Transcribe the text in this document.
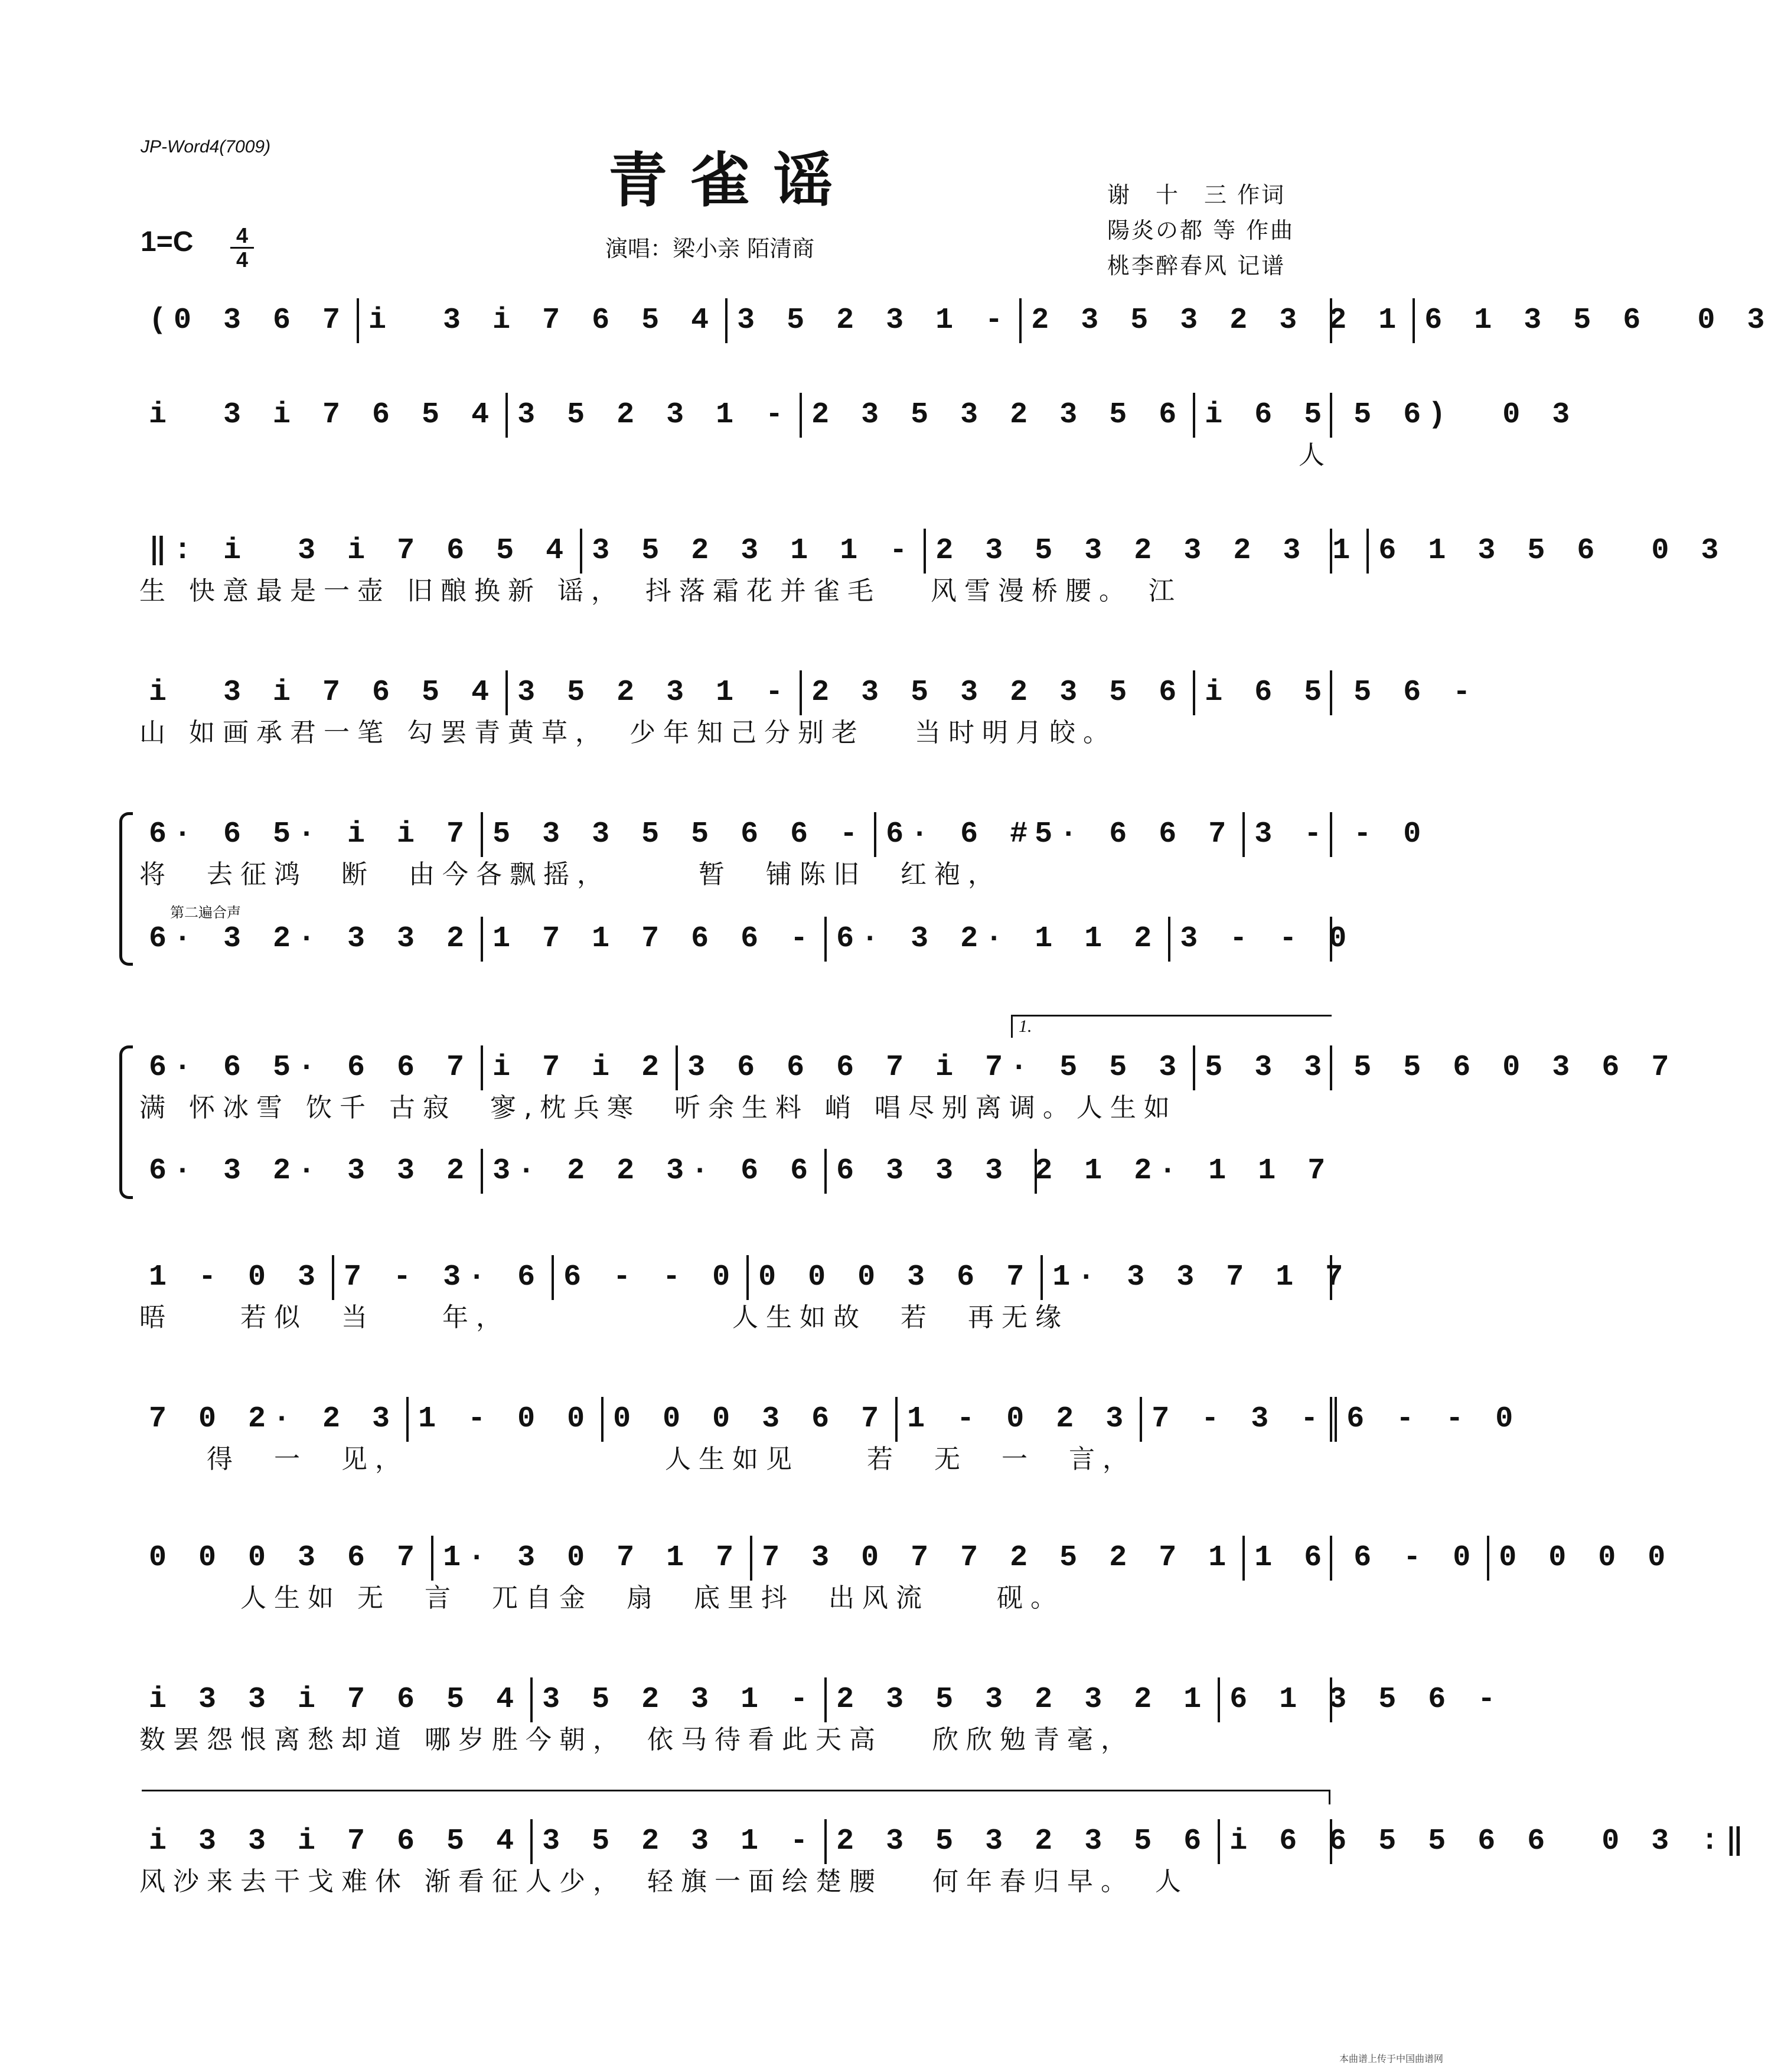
JP-Word4(7009)	青雀谣
1=C 4
4	演唱：梁小亲 陌清商
谢　十　三 作词
陽炎の都 等 作曲
桃李醉春风 记谱
(0 3 6 7 i  3 i 7 6 5 4 3 5 2 3 1 - 2 3 5 3 2 3 2 1 6 1 3 5 6  0 3
i  3 i 7 6 5 4 3 5 2 3 1 - 2 3 5 3 2 3 5 6 i 6 5 5 6)  0 3
人
‖: i  3 i 7 6 5 4 3 5 2 3 1 1 - 2 3 5 3 2 3 2 3 1 6 1 3 5 6  0 3
生 快意最是一壶 旧酿换新 谣，　抖落霜花并雀毛　 风雪漫桥腰。 江
i  3 i 7 6 5 4 3 5 2 3 1 - 2 3 5 3 2 3 5 6 i 6 5 5 6 -
山 如画承君一笔 勾罢青黄草，　少年知己分别老　 当时明月皎。
6· 6 5· i i 7 5 3 3 5 5 6 6 - 6· 6 #5· 6 6 7 3 - - 0
将　去征鸿　断　由今各飘摇，　　　暂　铺陈旧　红袍，
第二遍合声
6· 3 2· 3 3 2 1 7 1 7 6 6 - 6· 3 2· 1 1 2 3 - - 0
1.
6· 6 5· 6 6 7 i 7 i 2 3 6 6 6 7 i 7· 5 5 3 5 3 3 5 5 6 0 3 6 7
满 怀冰雪 饮千 古寂　寥,枕兵寒　听余生料 峭 唱尽别离调。人生如
6· 3 2· 3 3 2 3· 2 2 3· 6 6 6 3 3 3 2 1 2· 1 1 7
1 - 0 3 7 - 3· 6 6 - - 0 0 0 0 3 6 7 1· 3 3 7 1 7
晤　　若似　当　　年，　　　　　　　人生如故　若　再无缘
7 0 2· 2 3 1 - 0 0 0 0 0 3 6 7 1 - 0 2 3 7 - 3 - 6 - - 0
　　得　一　见，　　　　　　　　人生如见　　若　无　一　言，
0 0 0 3 6 7 1· 3 0 7 1 7 7 3 0 7 7 2 5 2 7 1 1 6 6 - 0 0 0 0 0
　　　人生如 无　言　兀自金　扇　底里抖　出风流　　砚。
i 3 3 i 7 6 5 4 3 5 2 3 1 - 2 3 5 3 2 3 2 1 6 1 3 5 6 -
数罢怨恨离愁却道 哪岁胜今朝，　依马待看此天高　 欣欣勉青毫，
i 3 3 i 7 6 5 4 3 5 2 3 1 - 2 3 5 3 2 3 5 6 i 6 6 5 5 6 6  0 3 :‖
风沙来去干戈难休 渐看征人少，　轻旗一面绘楚腰　 何年春归早。　人
本曲谱上传于中国曲谱网
